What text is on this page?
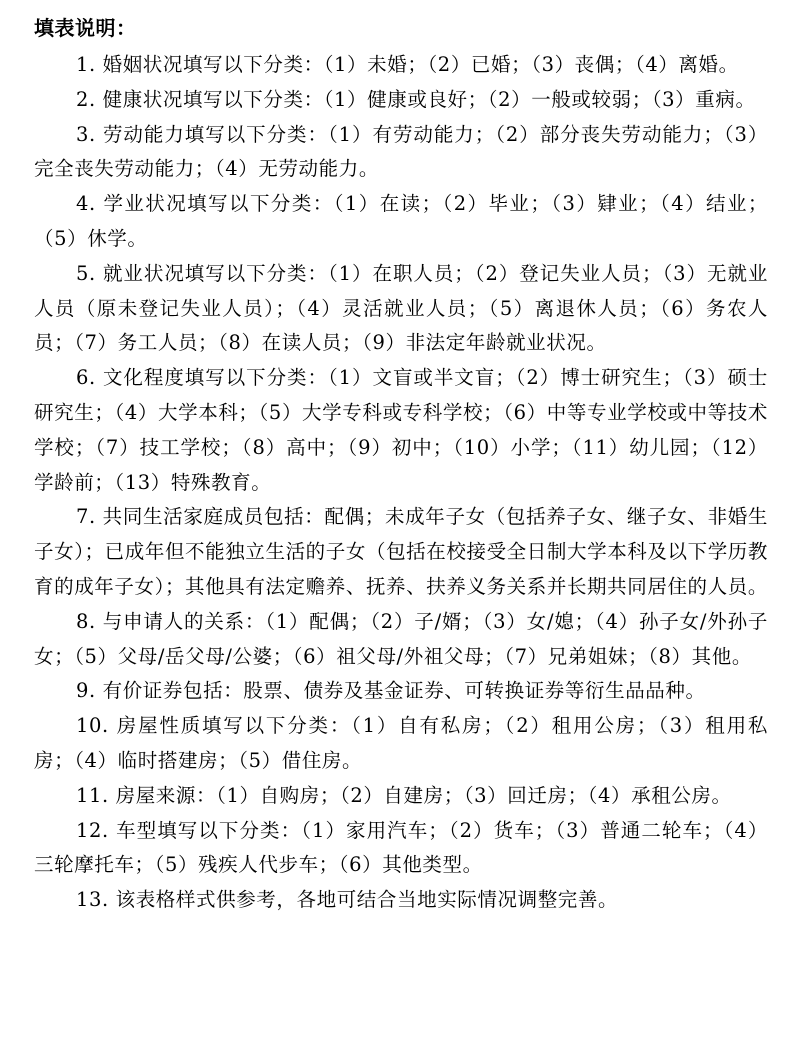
填表说明：

1. 婚姻状况填写以下分类：（1）未婚；（2）已婚；（3）丧偶；（4）离婚。

2. 健康状况填写以下分类：（1）健康或良好；（2）一般或较弱；（3）重病。

3. 劳动能力填写以下分类：（1）有劳动能力；（2）部分丧失劳动能力；（3）完全丧失劳动能力；（4）无劳动能力。

4. 学业状况填写以下分类：（1）在读；（2）毕业；（3）肄业；（4）结业；（5）休学。

5. 就业状况填写以下分类：（1）在职人员；（2）登记失业人员；（3）无就业人员（原未登记失业人员）；（4）灵活就业人员；（5）离退休人员；（6）务农人员；（7）务工人员；（8）在读人员；（9）非法定年龄就业状况。

6. 文化程度填写以下分类：（1）文盲或半文盲；（2）博士研究生；（3）硕士研究生；（4）大学本科；（5）大学专科或专科学校；（6）中等专业学校或中等技术学校；（7）技工学校；（8）高中；（9）初中；（10）小学；（11）幼儿园；（12）学龄前；（13）特殊教育。

7. 共同生活家庭成员包括：配偶；未成年子女（包括养子女、继子女、非婚生子女）；已成年但不能独立生活的子女（包括在校接受全日制大学本科及以下学历教育的成年子女）；其他具有法定赡养、抚养、扶养义务关系并长期共同居住的人员。

8. 与申请人的关系：（1）配偶；（2）子/婿；（3）女/媳；（4）孙子女/外孙子女；（5）父母/岳父母/公婆；（6）祖父母/外祖父母；（7）兄弟姐妹；（8）其他。

9. 有价证券包括：股票、债券及基金证券、可转换证券等衍生品品种。

10. 房屋性质填写以下分类：（1）自有私房；（2）租用公房；（3）租用私房；（4）临时搭建房；（5）借住房。

11. 房屋来源：（1）自购房；（2）自建房；（3）回迁房；（4）承租公房。

12. 车型填写以下分类：（1）家用汽车；（2）货车；（3）普通二轮车；（4）三轮摩托车；（5）残疾人代步车；（6）其他类型。

13. 该表格样式供参考，各地可结合当地实际情况调整完善。
